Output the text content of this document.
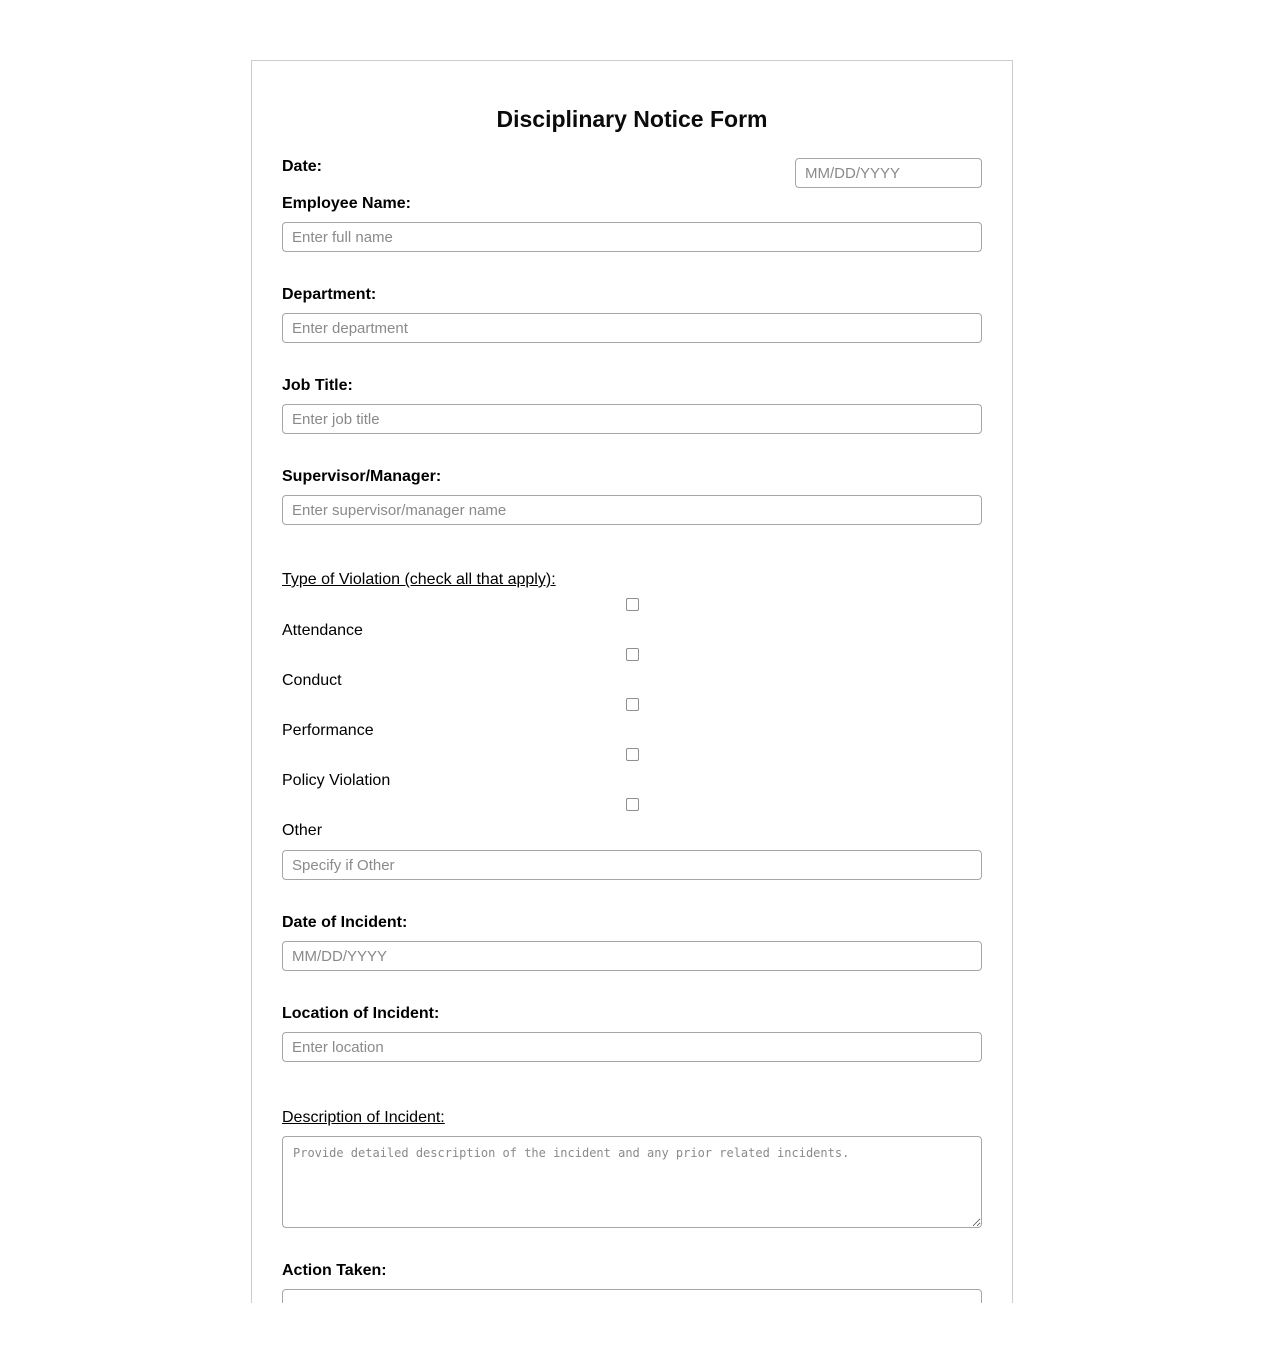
Disciplinary Notice Form
Date:
MM/DD/YYYY
Employee Name:
Enter full name
Department:
Enter department
Job Title:
Enter job title
Supervisor/Manager:
Enter supervisor/manager name
Type of Violation (check all that apply):
Attendance
Conduct
Performance
Policy Violation
Other
Specify if Other
Date of Incident:
MM/DD/YYYY
Location of Incident:
Enter location
Description of Incident:
Provide detailed description of the incident and any prior related incidents.
Action Taken:
